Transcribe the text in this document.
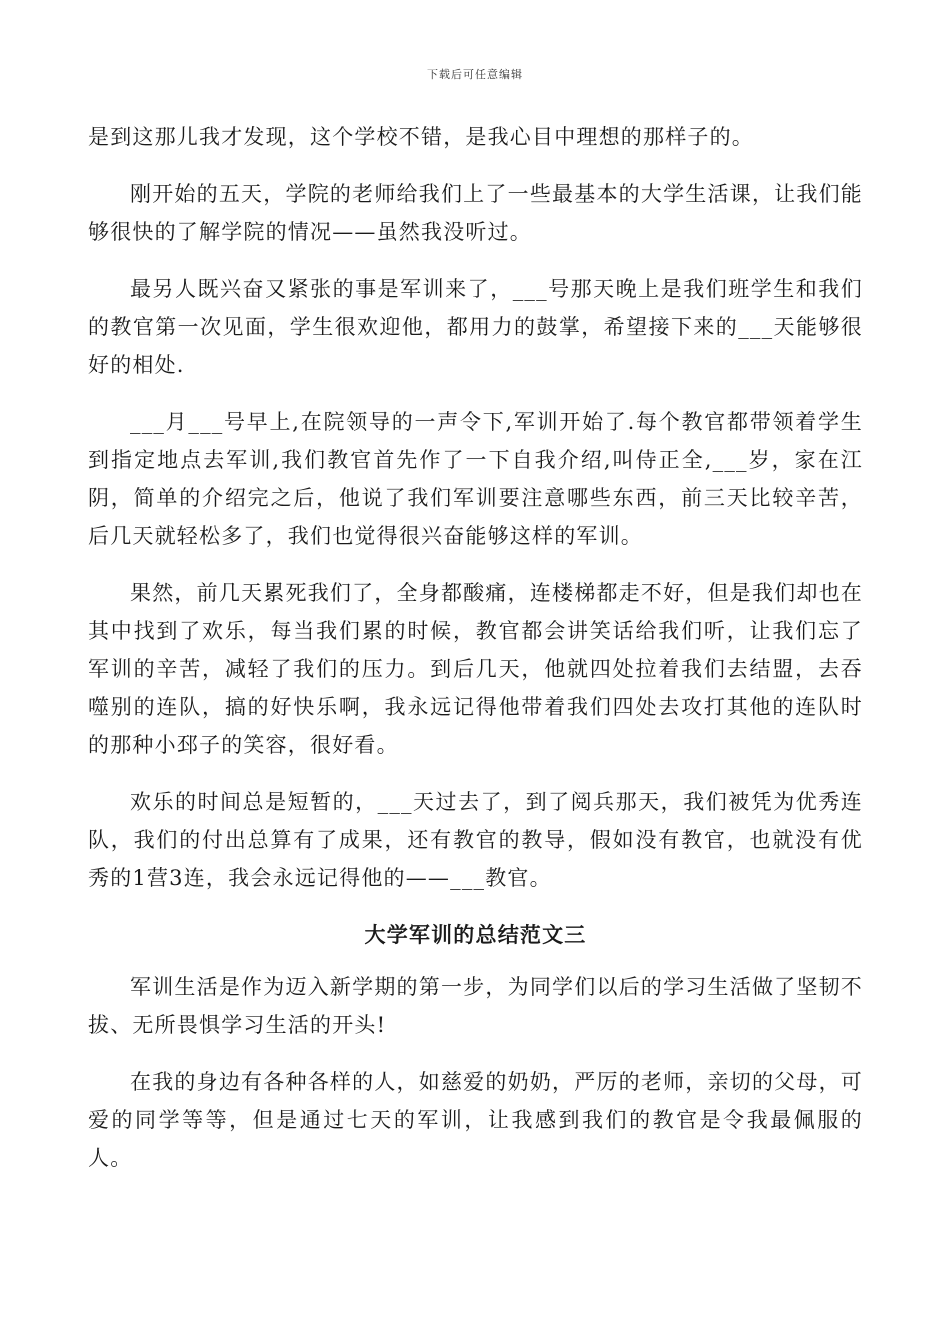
下载后可任意编辑

是到这那儿我才发现，这个学校不错，是我心目中理想的那样子的。

刚开始的五天，学院的老师给我们上了一些最基本的大学生活课，让我们能够很快的了解学院的情况——虽然我没听过。

最另人既兴奋又紧张的事是军训来了，___号那天晚上是我们班学生和我们的教官第一次见面，学生很欢迎他，都用力的鼓掌，希望接下来的___天能够很好的相处.

___月___号早上,在院领导的一声令下,军训开始了.每个教官都带领着学生到指定地点去军训,我们教官首先作了一下自我介绍,叫侍正全,___岁，家在江阴，简单的介绍完之后，他说了我们军训要注意哪些东西，前三天比较辛苦，后几天就轻松多了，我们也觉得很兴奋能够这样的军训。

果然，前几天累死我们了，全身都酸痛，连楼梯都走不好，但是我们却也在其中找到了欢乐，每当我们累的时候，教官都会讲笑话给我们听，让我们忘了军训的辛苦，减轻了我们的压力。到后几天，他就四处拉着我们去结盟，去吞噬别的连队，搞的好快乐啊，我永远记得他带着我们四处去攻打其他的连队时的那种小邳子的笑容，很好看。

欢乐的时间总是短暂的，___天过去了，到了阅兵那天，我们被凭为优秀连队，我们的付出总算有了成果，还有教官的教导，假如没有教官，也就没有优秀的1营3连，我会永远记得他的——___教官。

大学军训的总结范文三

军训生活是作为迈入新学期的第一步，为同学们以后的学习生活做了坚韧不拔、无所畏惧学习生活的开头!

在我的身边有各种各样的人，如慈爱的奶奶，严厉的老师，亲切的父母，可爱的同学等等，但是通过七天的军训，让我感到我们的教官是令我最佩服的人。
